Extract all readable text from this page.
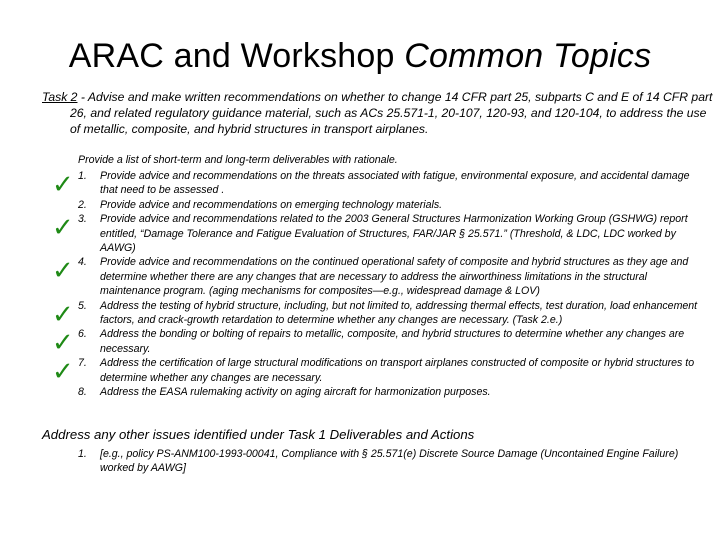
ARAC and Workshop Common Topics
Task 2 - Advise and make written recommendations on whether to change 14 CFR part 25, subparts C and E of 14 CFR part 26, and related regulatory guidance material, such as ACs 25.571-1, 20-107, 120-93, and 120-104, to address the use of metallic, composite, and hybrid structures in transport airplanes.
Provide a list of short-term and long-term deliverables with rationale.
1. Provide advice and recommendations on the threats associated with fatigue, environmental exposure, and accidental damage that need to be assessed .
✓
2. Provide advice and recommendations on emerging technology materials.
3. Provide advice and recommendations related to the 2003 General Structures Harmonization Working Group (GSHWG) report entitled, “Damage Tolerance and Fatigue Evaluation of Structures, FAR/JAR § 25.571.” (Threshold, & LDC, LDC worked by AAWG)
✓
4. Provide advice and recommendations on the continued operational safety of composite and hybrid structures as they age and determine whether there are any changes that are necessary to address the airworthiness limitations in the structural maintenance program. (aging mechanisms for composites—e.g., widespread damage & LOV)
✓
5. Address the testing of hybrid structure, including, but not limited to, addressing thermal effects, test duration, load enhancement factors, and crack-growth retardation to determine whether any changes are necessary. (Task 2.e.)
✓
6. Address the bonding or bolting of repairs to metallic, composite, and hybrid structures to determine whether any changes are necessary.
✓
7. Address the certification of large structural modifications on transport airplanes constructed of composite or hybrid structures to determine whether any changes are necessary.
✓
8. Address the EASA rulemaking activity on aging aircraft for harmonization purposes.
Address any other issues identified under Task 1 Deliverables and Actions
1. [e.g., policy PS-ANM100-1993-00041, Compliance with § 25.571(e) Discrete Source Damage (Uncontained Engine Failure) worked by AAWG]
